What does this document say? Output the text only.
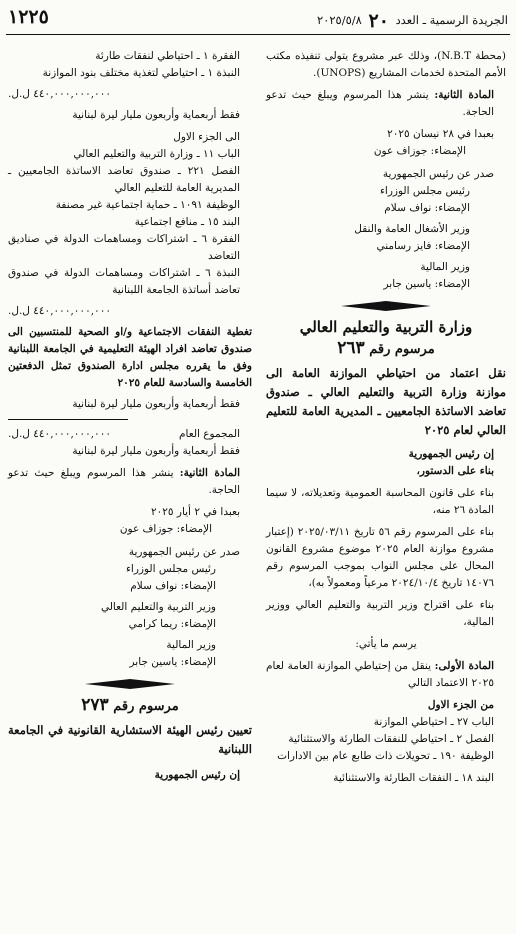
الجريدة الرسمية ـ العدد ٢٠ ٢٠٢٥/٥/٨
١٢٢٥

(محطة N.B.T)، وذلك عبر مشروع يتولى تنفيذه مكتب الأمم المتحدة لخدمات المشاريع (UNOPS).

المادة الثانية: ينشر هذا المرسوم ويبلغ حيث تدعو الحاجة.

بعبدا في ٢٨ نيسان ٢٠٢٥

الإمضاء: جوزاف عون

صدر عن رئيس الجمهورية

رئيس مجلس الوزراء

الإمضاء: نواف سلام

وزير الأشغال العامة والنقل

الإمضاء: فايز رسامني

وزير المالية

الإمضاء: ياسين جابر

وزارة التربية والتعليم العالي
مرسوم رقم ٢٦٣

نقل اعتماد من احتياطي الموازنة العامة الى موازنة وزارة التربية والتعليم العالي ـ صندوق تعاضد الاساتذة الجامعيين ـ المديرية العامة للتعليم العالي لعام ٢٠٢٥

إن رئيس الجمهورية

بناء على الدستور،

بناء على قانون المحاسبة العمومية وتعديلاته، لا سيما المادة ٢٦ منه،

بناء على المرسوم رقم ٥٦ تاريخ ٢٠٢٥/٠٣/١١ (إعتبار مشروع موازنة العام ٢٠٢٥ موضوع مشروع القانون المحال على مجلس النواب بموجب المرسوم رقم ١٤٠٧٦ تاريخ ٢٠٢٤/١٠/٤ مرعياً ومعمولاً به)،

بناء على اقتراح وزير التربية والتعليم العالي ووزير المالية،

يرسم ما يأتي:

المادة الأولى: ينقل من إحتياطي الموازنة العامة لعام ٢٠٢٥ الاعتماد التالي

من الجزء الاول

الباب ٢٧ ـ احتياطي الموازنة

الفصل ٢ ـ احتياطي للنفقات الطارئة والاستثنائية

الوظيفة ١٩٠ ـ تحويلات ذات طابع عام بين الادارات

البند ١٨ ـ النفقات الطارئة والاستثنائية

الفقرة ١ ـ احتياطي لنفقات طارئة

النبذة ١ ـ احتياطي لتغذية مختلف بنود الموازنة

٤٤٠,٠٠٠,٠٠٠,٠٠٠ ل.ل.

فقط أربعماية وأربعون مليار ليرة لبنانية

الى الجزء الاول

الباب ١١ ـ وزارة التربية والتعليم العالي

الفصل ٢٢١ ـ صندوق تعاضد الاساتذة الجامعيين ـ المديرية العامة للتعليم العالي

الوظيفة ١٠٩١ ـ حماية اجتماعية غير مصنفة

البند ١٥ ـ منافع اجتماعية

الفقرة ٦ ـ اشتراكات ومساهمات الدولة في صناديق التعاضد

النبذة ٦ ـ اشتراكات ومساهمات الدولة في صندوق تعاضد أساتذة الجامعة اللبنانية

٤٤٠,٠٠٠,٠٠٠,٠٠٠ ل.ل.

تغطية النفقات الاجتماعية و/او الصحية للمنتسبين الى صندوق تعاضد افراد الهيئة التعليمية في الجامعة اللبنانية وفق ما يقرره مجلس ادارة الصندوق تمثل الدفعتين الخامسة والسادسة للعام ٢٠٢٥

فقط أربعماية وأربعون مليار ليرة لبنانية

المجموع العام
٤٤٠,٠٠٠,٠٠٠,٠٠٠ ل.ل.

فقط أربعماية وأربعون مليار ليرة لبنانية

المادة الثانية: ينشر هذا المرسوم ويبلغ حيث تدعو الحاجة.

بعبدا في ٢ أيار ٢٠٢٥

الإمضاء: جوزاف عون

صدر عن رئيس الجمهورية

رئيس مجلس الوزراء

الإمضاء: نواف سلام

وزير التربية والتعليم العالي

الإمضاء: ريما كرامي

وزير المالية

الإمضاء: ياسين جابر

مرسوم رقم ٢٧٣

تعيين رئيس الهيئة الاستشارية القانونية في الجامعة اللبنانية

إن رئيس الجمهورية
